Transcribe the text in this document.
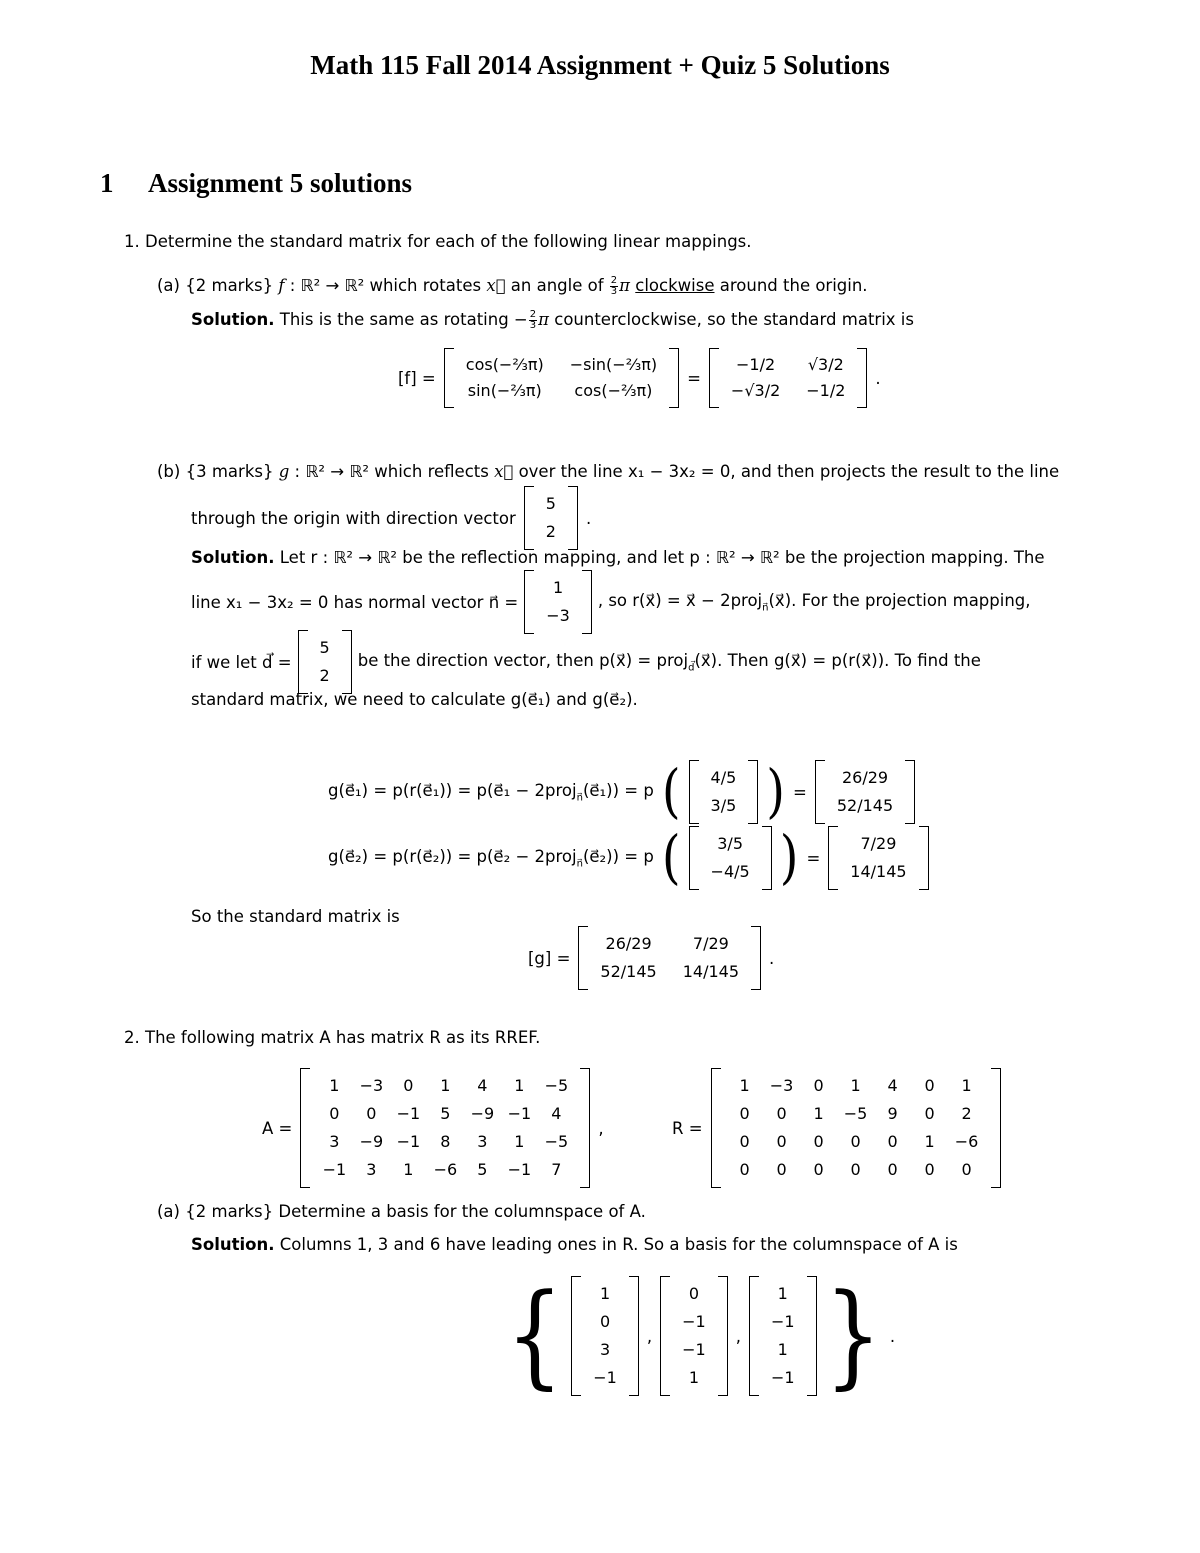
Math 115 Fall 2014 Assignment + Quiz 5 Solutions
1 Assignment 5 solutions
1. Determine the standard matrix for each of the following linear mappings.
(a) {2 marks} f : ℝ² → ℝ² which rotates x⃗ an angle of $\frac{2}{3}$ π clockwise around the origin.
Solution. This is the same as rotating − $\frac{2}{3}$ π counterclockwise, so the standard matrix is
[f] =
cos(−⅔π) −sin(−⅔π)
sin(−⅔π) cos(−⅔π)
=
−1/2	√3/2
−√3/2 −1/2
.
(b) {3 marks} g : ℝ² → ℝ² which reflects x⃗ over the line x₁ − 3x₂ = 0, and then projects the result to the line
through the origin with direction vector
5
2
.
Solution. Let r : ℝ² → ℝ² be the reflection mapping, and let p : ℝ² → ℝ² be the projection mapping. The
line x₁ − 3x₂ = 0 has normal vector n⃗ =
1
−3
, so r(x⃗) = x⃗ − 2proj$_{n⃗}$(x⃗). For the projection mapping,
if we let d⃗ =
5
2
be the direction vector, then p(x⃗) = proj$_{d⃗}$(x⃗). Then g(x⃗) = p(r(x⃗)). To find the
standard matrix, we need to calculate g(e⃗₁) and g(e⃗₂).
g(e⃗₁) = p(r(e⃗₁)) = p(e⃗₁ − 2proj$_{n⃗}$(e⃗₁)) = p ( 4/5
3/5 ) =
26/29
52/145
g(e⃗₂) = p(r(e⃗₂)) = p(e⃗₂ − 2proj$_{n⃗}$(e⃗₂)) = p (	3/5
−4/5 ) =
7/29
14/145
So the standard matrix is
[g] =
26/29	7/29
52/145 14/145
.
2. The following matrix A has matrix R as its RREF.
A =
1	−3	0	1	4	1	−5
0	0	−1	5	−9 −1	4
3	−9 −1	8	3	1	−5
−1	3	1	−6	5	−1	7
,	R =
1	−3	0	1	4	0	1
0	0	1	−5	9	0	2
0	0	0	0	0	1	−6
0	0	0	0	0	0	0
(a) {2 marks} Determine a basis for the columnspace of A.
Solution. Columns 1, 3 and 6 have leading ones in R. So a basis for the columnspace of A is
{	1
0
3
−1
,
0
−1
−1
1
,
1
−1
1
−1 } .
